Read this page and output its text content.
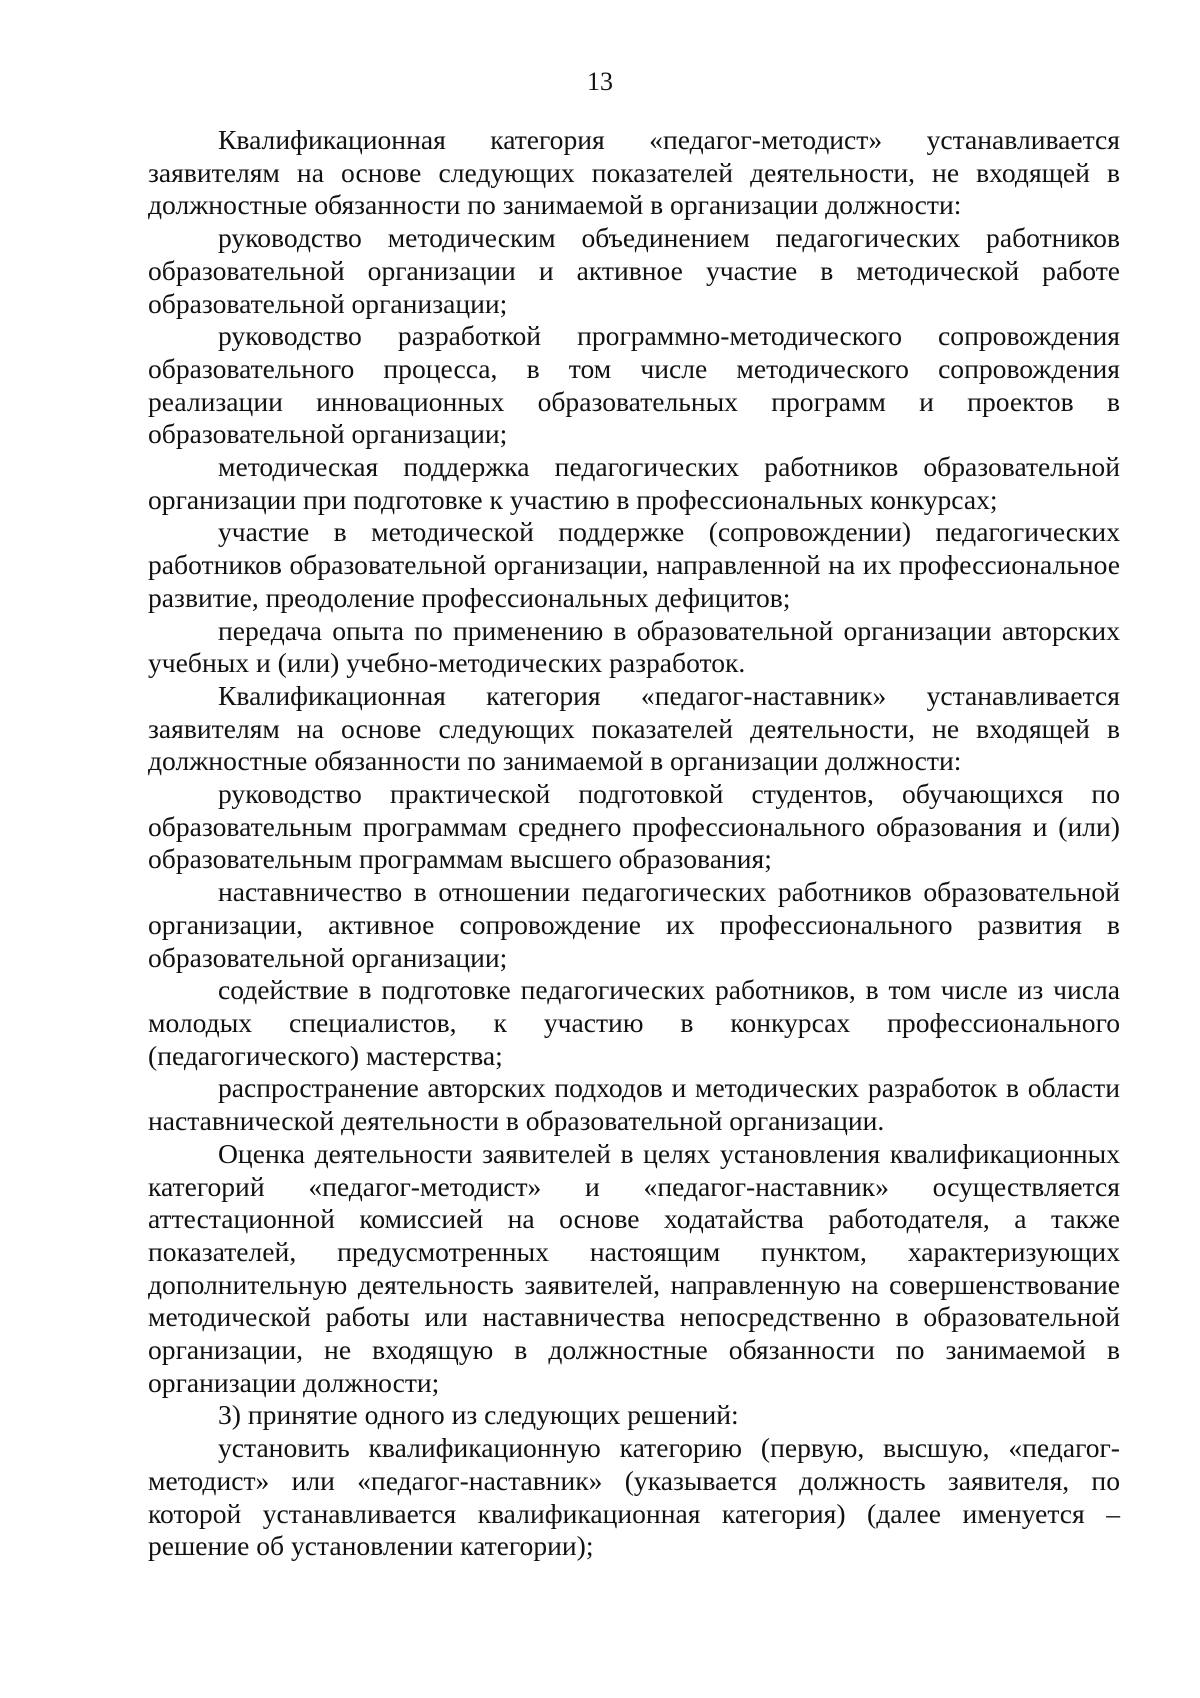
13

Квалификационная категория «педагог-методист» устанавливается заявителям на основе следующих показателей деятельности, не входящей в должностные обязанности по занимаемой в организации должности:

руководство методическим объединением педагогических работников образовательной организации и активное участие в методической работе образовательной организации;

руководство разработкой программно-методического сопровождения образовательного процесса, в том числе методического сопровождения реализации инновационных образовательных программ и проектов в образовательной организации;

методическая поддержка педагогических работников образовательной организации при подготовке к участию в профессиональных конкурсах;

участие в методической поддержке (сопровождении) педагогических работников образовательной организации, направленной на их профессиональное развитие, преодоление профессиональных дефицитов;

передача опыта по применению в образовательной организации авторских учебных и (или) учебно-методических разработок.

Квалификационная категория «педагог-наставник» устанавливается заявителям на основе следующих показателей деятельности, не входящей в должностные обязанности по занимаемой в организации должности:

руководство практической подготовкой студентов, обучающихся по образовательным программам среднего профессионального образования и (или) образовательным программам высшего образования;

наставничество в отношении педагогических работников образовательной организации, активное сопровождение их профессионального развития в образовательной организации;

содействие в подготовке педагогических работников, в том числе из числа молодых специалистов, к участию в конкурсах профессионального (педагогического) мастерства;

распространение авторских подходов и методических разработок в области наставнической деятельности в образовательной организации.

Оценка деятельности заявителей в целях установления квалификационных категорий «педагог-методист» и «педагог-наставник» осуществляется аттестационной комиссией на основе ходатайства работодателя, а также показателей, предусмотренных настоящим пунктом, характеризующих дополнительную деятельность заявителей, направленную на совершенствование методической работы или наставничества непосредственно в образовательной организации, не входящую в должностные обязанности по занимаемой в организации должности;

3) принятие одного из следующих решений:

установить квалификационную категорию (первую, высшую, «педагог-методист» или «педагог-наставник» (указывается должность заявителя, по которой устанавливается квалификационная категория) (далее именуется – решение об установлении категории);
